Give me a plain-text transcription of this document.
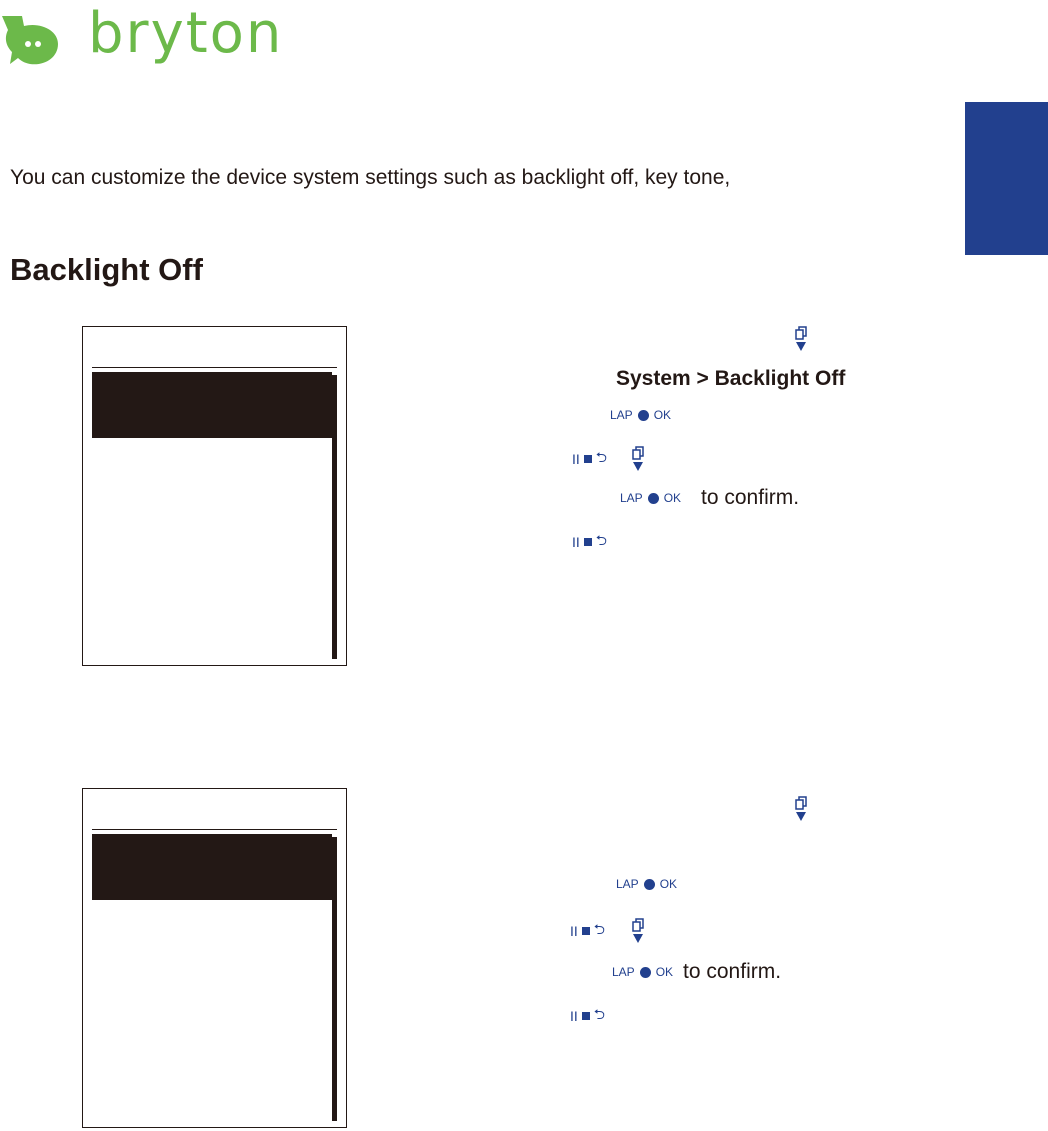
bryton
You can customize the device system settings such as backlight off, key tone,
Backlight Off
System > Backlight Off
LAP OK
II ⮌
LAP OK to confirm.
II ⮌
LAP OK
II ⮌
LAP OK to confirm.
II ⮌
